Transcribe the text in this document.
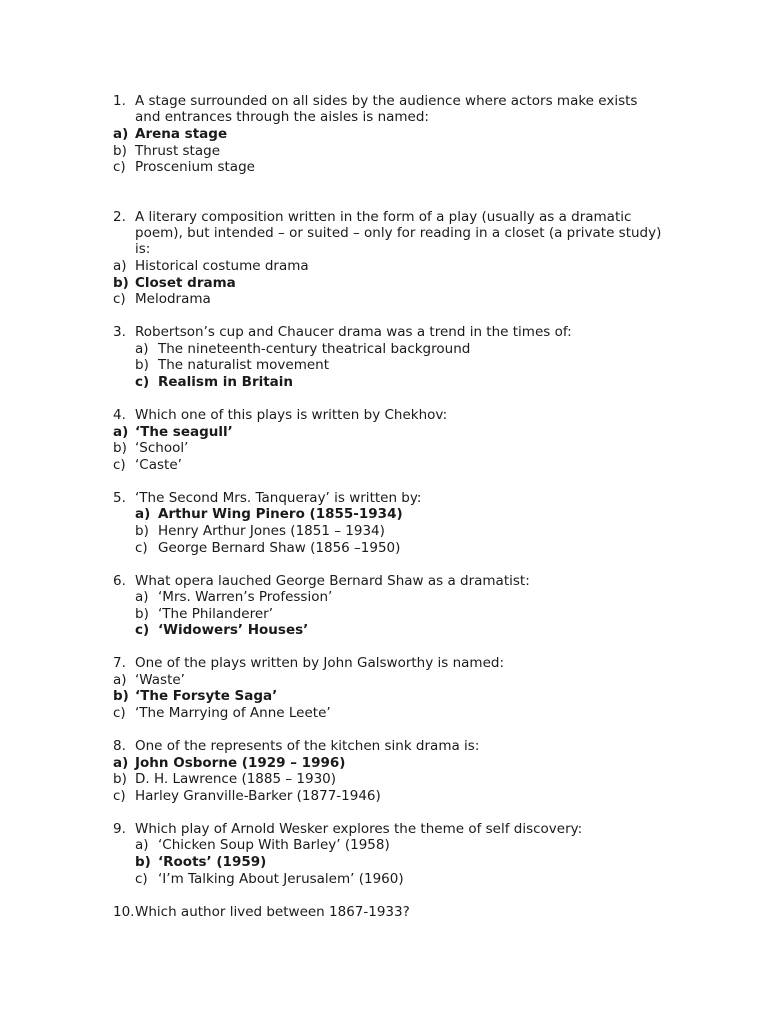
1. A stage surrounded on all sides by the audience where actors make exists
and entrances through the aisles is named:
a) Arena stage
b) Thrust stage
c) Proscenium stage
2. A literary composition written in the form of a play (usually as a dramatic
poem), but intended – or suited – only for reading in a closet (a private study)
is:
a) Historical costume drama
b) Closet drama
c) Melodrama
3. Robertson’s cup and Chaucer drama was a trend in the times of:
a) The nineteenth-century theatrical background
b) The naturalist movement
c) Realism in Britain
4. Which one of this plays is written by Chekhov:
a) ‘The seagull’
b) ‘School’
c) ‘Caste’
5. ‘The Second Mrs. Tanqueray’ is written by:
a) Arthur Wing Pinero (1855-1934)
b) Henry Arthur Jones (1851 – 1934)
c) George Bernard Shaw (1856 –1950)
6. What opera lauched George Bernard Shaw as a dramatist:
a) ‘Mrs. Warren’s Profession’
b) ‘The Philanderer’
c) ‘Widowers’ Houses’
7. One of the plays written by John Galsworthy is named:
a) ‘Waste’
b) ‘The Forsyte Saga’
c) ‘The Marrying of Anne Leete’
8. One of the represents of the kitchen sink drama is:
a) John Osborne (1929 – 1996)
b) D. H. Lawrence (1885 – 1930)
c) Harley Granville-Barker (1877-1946)
9. Which play of Arnold Wesker explores the theme of self discovery:
a) ‘Chicken Soup With Barley’ (1958)
b) ‘Roots’ (1959)
c) ‘I’m Talking About Jerusalem’ (1960)
10. Which author lived between 1867-1933?
